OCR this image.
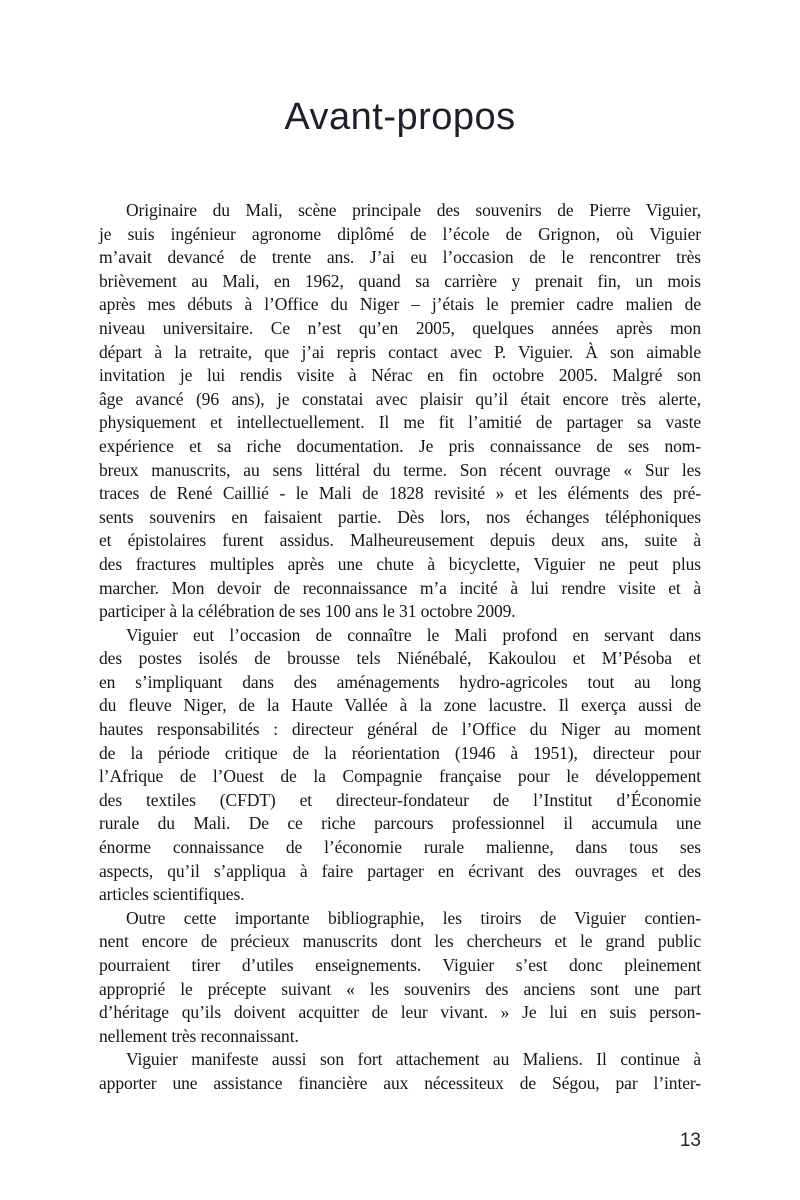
Avant-propos
Originaire du Mali, scène principale des souvenirs de Pierre Viguier,
je suis ingénieur agronome diplômé de l’école de Grignon, où Viguier
m’avait devancé de trente ans. J’ai eu l’occasion de le rencontrer très
brièvement au Mali, en 1962, quand sa carrière y prenait fin, un mois
après mes débuts à l’Office du Niger – j’étais le premier cadre malien de
niveau universitaire. Ce n’est qu’en 2005, quelques années après mon
départ à la retraite, que j’ai repris contact avec P. Viguier. À son aimable
invitation je lui rendis visite à Nérac en fin octobre 2005. Malgré son
âge avancé (96 ans), je constatai avec plaisir qu’il était encore très alerte,
physiquement et intellectuellement. Il me fit l’amitié de partager sa vaste
expérience et sa riche documentation. Je pris connaissance de ses nom-
breux manuscrits, au sens littéral du terme. Son récent ouvrage « Sur les
traces de René Caillié - le Mali de 1828 revisité » et les éléments des pré-
sents souvenirs en faisaient partie. Dès lors, nos échanges téléphoniques
et épistolaires furent assidus. Malheureusement depuis deux ans, suite à
des fractures multiples après une chute à bicyclette, Viguier ne peut plus
marcher. Mon devoir de reconnaissance m’a incité à lui rendre visite et à
participer à la célébration de ses 100 ans le 31 octobre 2009.
Viguier eut l’occasion de connaître le Mali profond en servant dans
des postes isolés de brousse tels Niénébalé, Kakoulou et M’Pésoba et
en s’impliquant dans des aménagements hydro-agricoles tout au long
du fleuve Niger, de la Haute Vallée à la zone lacustre. Il exerça aussi de
hautes responsabilités : directeur général de l’Office du Niger au moment
de la période critique de la réorientation (1946 à 1951), directeur pour
l’Afrique de l’Ouest de la Compagnie française pour le développement
des textiles (CFDT) et directeur-fondateur de l’Institut d’Économie
rurale du Mali. De ce riche parcours professionnel il accumula une
énorme connaissance de l’économie rurale malienne, dans tous ses
aspects, qu’il s’appliqua à faire partager en écrivant des ouvrages et des
articles scientifiques.
Outre cette importante bibliographie, les tiroirs de Viguier contien-
nent encore de précieux manuscrits dont les chercheurs et le grand public
pourraient tirer d’utiles enseignements. Viguier s’est donc pleinement
approprié le précepte suivant « les souvenirs des anciens sont une part
d’héritage qu’ils doivent acquitter de leur vivant. » Je lui en suis person-
nellement très reconnaissant.
Viguier manifeste aussi son fort attachement au Maliens. Il continue à
apporter une assistance financière aux nécessiteux de Ségou, par l’inter-
13
